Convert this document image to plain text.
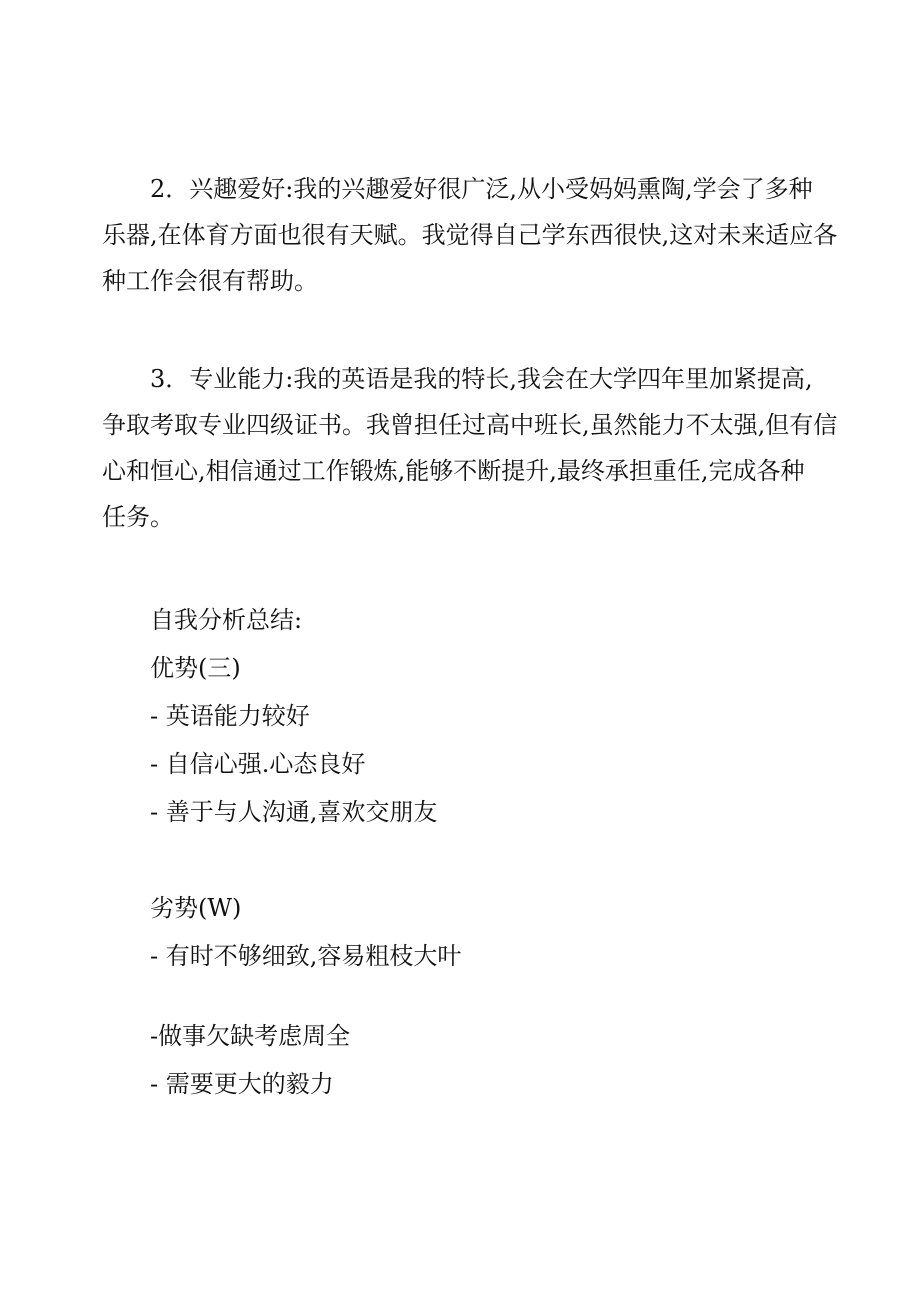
2．兴趣爱好:我的兴趣爱好很广泛,从小受妈妈熏陶,学会了多种
乐器,在体育方面也很有天赋。我觉得自己学东西很快,这对未来适应各
种工作会很有帮助。
3．专业能力:我的英语是我的特长,我会在大学四年里加紧提高,
争取考取专业四级证书。我曾担任过高中班长,虽然能力不太强,但有信
心和恒心,相信通过工作锻炼,能够不断提升,最终承担重任,完成各种
任务。

自我分析总结:

优势(三)

- 英语能力较好

- 自信心强.心态良好

- 善于与人沟通,喜欢交朋友

劣势(W)

- 有时不够细致,容易粗枝大叶

-做事欠缺考虑周全

- 需要更大的毅力
